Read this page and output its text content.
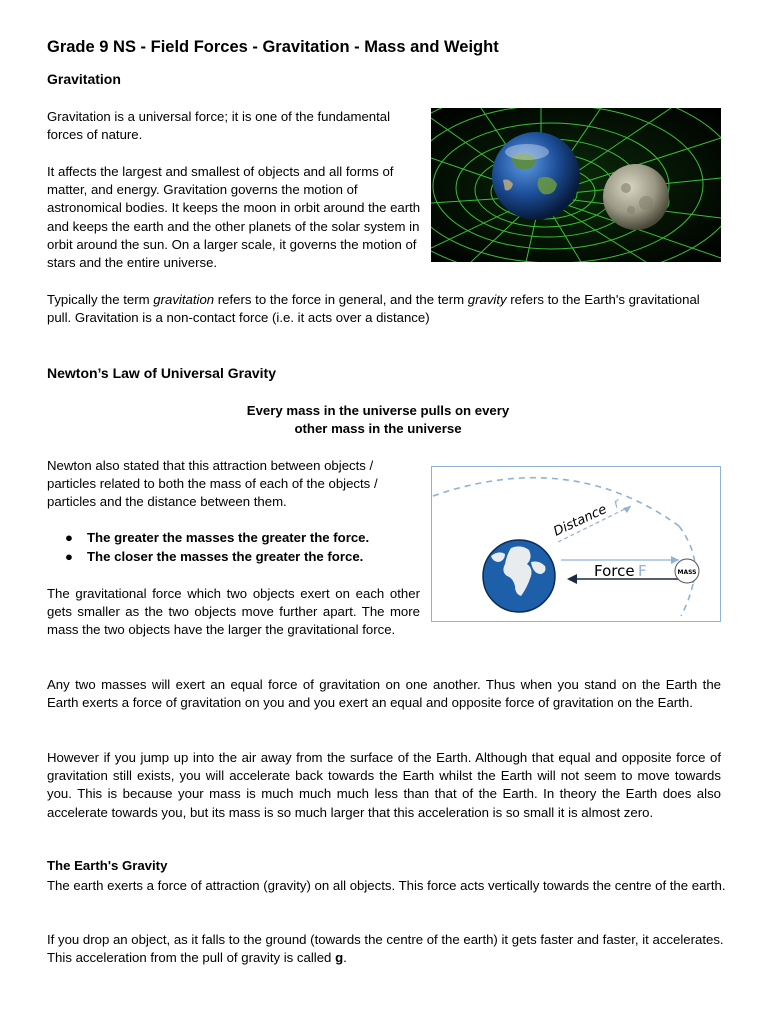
Grade 9 NS - Field Forces - Gravitation - Mass and Weight
Gravitation

Gravitation is a universal force; it is one of the fundamental forces of nature.

It affects the largest and smallest of objects and all forms of matter, and energy. Gravitation governs the motion of astronomical bodies. It keeps the moon in orbit around the earth and keeps the earth and the other planets of the solar system in orbit around the sun. On a larger scale, it governs the motion of stars and the entire universe.

Typically the term gravitation refers to the force in general, and the term gravity refers to the Earth's gravitational pull. Gravitation is a non-contact force (i.e. it acts over a distance)

Newton’s Law of Universal Gravity
Every mass in the universe pulls on every
other mass in the universe

Newton also stated that this attraction between objects / particles related to both the mass of each of the objects / particles and the distance between them.

● The greater the masses the greater the force.
● The closer the masses the greater the force.

The gravitational force which two objects exert on each other gets smaller as the two objects move further apart. The more mass the two objects have the larger the gravitational force.

Distance r
Force F	MASS

Any two masses will exert an equal force of gravitation on one another. Thus when you stand on the Earth the Earth exerts a force of gravitation on you and you exert an equal and opposite force of gravitation on the Earth.

However if you jump up into the air away from the surface of the Earth. Although that equal and opposite force of gravitation still exists, you will accelerate back towards the Earth whilst the Earth will not seem to move towards you. This is because your mass is much much much less than that of the Earth. In theory the Earth does also accelerate towards you, but its mass is so much larger that this acceleration is so small it is almost zero.

The Earth's Gravity

The earth exerts a force of attraction (gravity) on all objects. This force acts vertically towards the centre of the earth.

If you drop an object, as it falls to the ground (towards the centre of the earth) it gets faster and faster, it accelerates. This acceleration from the pull of gravity is called g.
